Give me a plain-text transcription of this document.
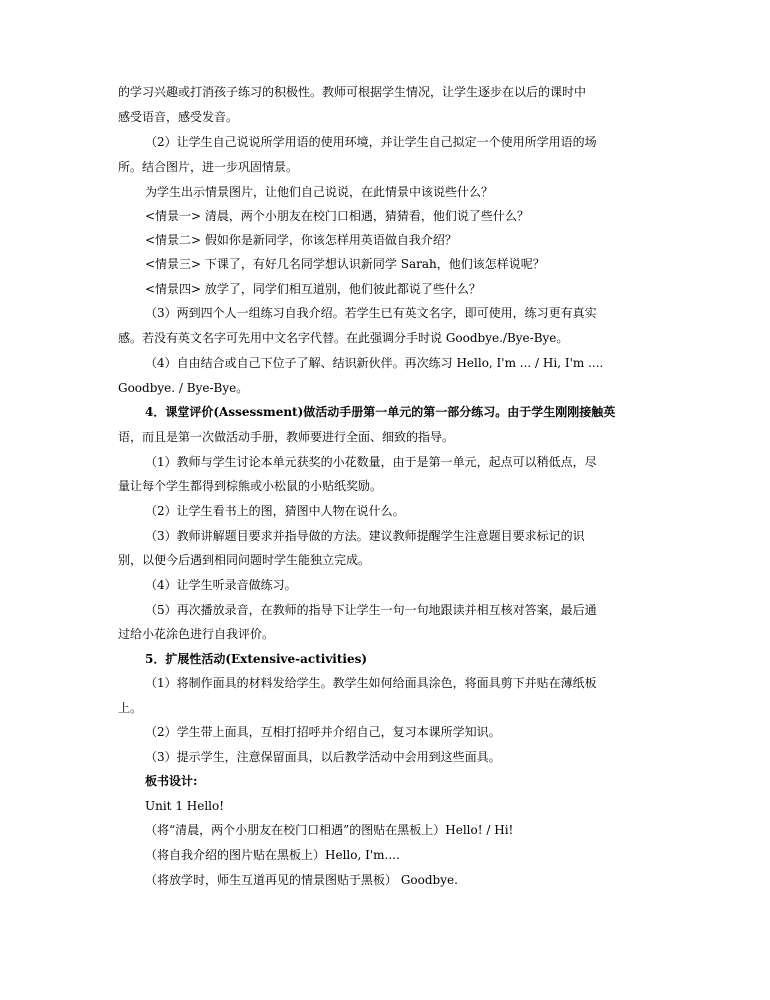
的学习兴趣或打消孩子练习的积极性。教师可根据学生情况，让学生逐步在以后的课时中
感受语音，感受发音。
（2）让学生自己说说所学用语的使用环境，并让学生自己拟定一个使用所学用语的场
所。结合图片，进一步巩固情景。
为学生出示情景图片，让他们自己说说，在此情景中该说些什么？
<情景一> 清晨，两个小朋友在校门口相遇，猜猜看，他们说了些什么？
<情景二> 假如你是新同学，你该怎样用英语做自我介绍？
<情景三> 下课了，有好几名同学想认识新同学 Sarah，他们该怎样说呢？
<情景四> 放学了，同学们相互道别，他们彼此都说了些什么？
（3）两到四个人一组练习自我介绍。若学生已有英文名字，即可使用，练习更有真实
感。若没有英文名字可先用中文名字代替。在此强调分手时说 Goodbye./Bye-Bye。
（4）自由结合或自己下位子了解、结识新伙伴。再次练习 Hello, I'm ... / Hi, I'm ....
Goodbye. / Bye-Bye。
4．课堂评价(Assessment)做活动手册第一单元的第一部分练习。由于学生刚刚接触英
语，而且是第一次做活动手册，教师要进行全面、细致的指导。
（1）教师与学生讨论本单元获奖的小花数量，由于是第一单元，起点可以稍低点，尽
量让每个学生都得到棕熊或小松鼠的小贴纸奖励。
（2）让学生看书上的图，猜图中人物在说什么。
（3）教师讲解题目要求并指导做的方法。建议教师提醒学生注意题目要求标记的识
别，以便今后遇到相同问题时学生能独立完成。
（4）让学生听录音做练习。
（5）再次播放录音，在教师的指导下让学生一句一句地跟读并相互核对答案，最后通
过给小花涂色进行自我评价。
5．扩展性活动(Extensive-activities)
（1）将制作面具的材料发给学生。教学生如何给面具涂色，将面具剪下并贴在薄纸板
上。
（2）学生带上面具，互相打招呼并介绍自己，复习本课所学知识。
（3）提示学生，注意保留面具，以后教学活动中会用到这些面具。
板书设计:
Unit 1 Hello!
（将“清晨，两个小朋友在校门口相遇”的图贴在黑板上）Hello! / Hi!
（将自我介绍的图片贴在黑板上）Hello, I'm....
（将放学时，师生互道再见的情景图贴于黑板） Goodbye.
